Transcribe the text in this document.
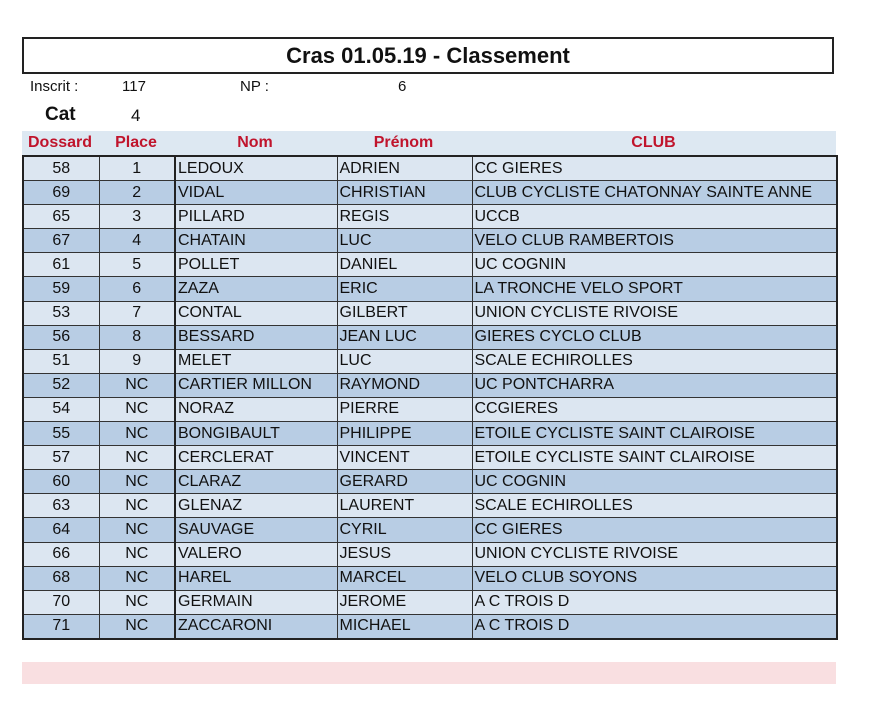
Cras 01.05.19 - Classement
Inscrit :	117	NP :	6
Cat	4
Dossard	Place	Nom	Prénom	CLUB
58	1	LEDOUX	ADRIEN	CC GIERES
69	2	VIDAL	CHRISTIAN	CLUB CYCLISTE CHATONNAY SAINTE ANNE
65	3	PILLARD	REGIS	UCCB
67	4	CHATAIN	LUC	VELO CLUB RAMBERTOIS
61	5	POLLET	DANIEL	UC COGNIN
59	6	ZAZA	ERIC	LA TRONCHE VELO SPORT
53	7	CONTAL	GILBERT	UNION CYCLISTE RIVOISE
56	8	BESSARD	JEAN LUC	GIERES CYCLO CLUB
51	9	MELET	LUC	SCALE ECHIROLLES
52	NC	CARTIER MILLON	RAYMOND	UC PONTCHARRA
54	NC	NORAZ	PIERRE	CCGIERES
55	NC	BONGIBAULT	PHILIPPE	ETOILE CYCLISTE SAINT CLAIROISE
57	NC	CERCLERAT	VINCENT	ETOILE CYCLISTE SAINT CLAIROISE
60	NC	CLARAZ	GERARD	UC COGNIN
63	NC	GLENAZ	LAURENT	SCALE ECHIROLLES
64	NC	SAUVAGE	CYRIL	CC GIERES
66	NC	VALERO	JESUS	UNION CYCLISTE RIVOISE
68	NC	HAREL	MARCEL	VELO CLUB SOYONS
70	NC	GERMAIN	JEROME	A C TROIS D
71	NC	ZACCARONI	MICHAEL	A C TROIS D
